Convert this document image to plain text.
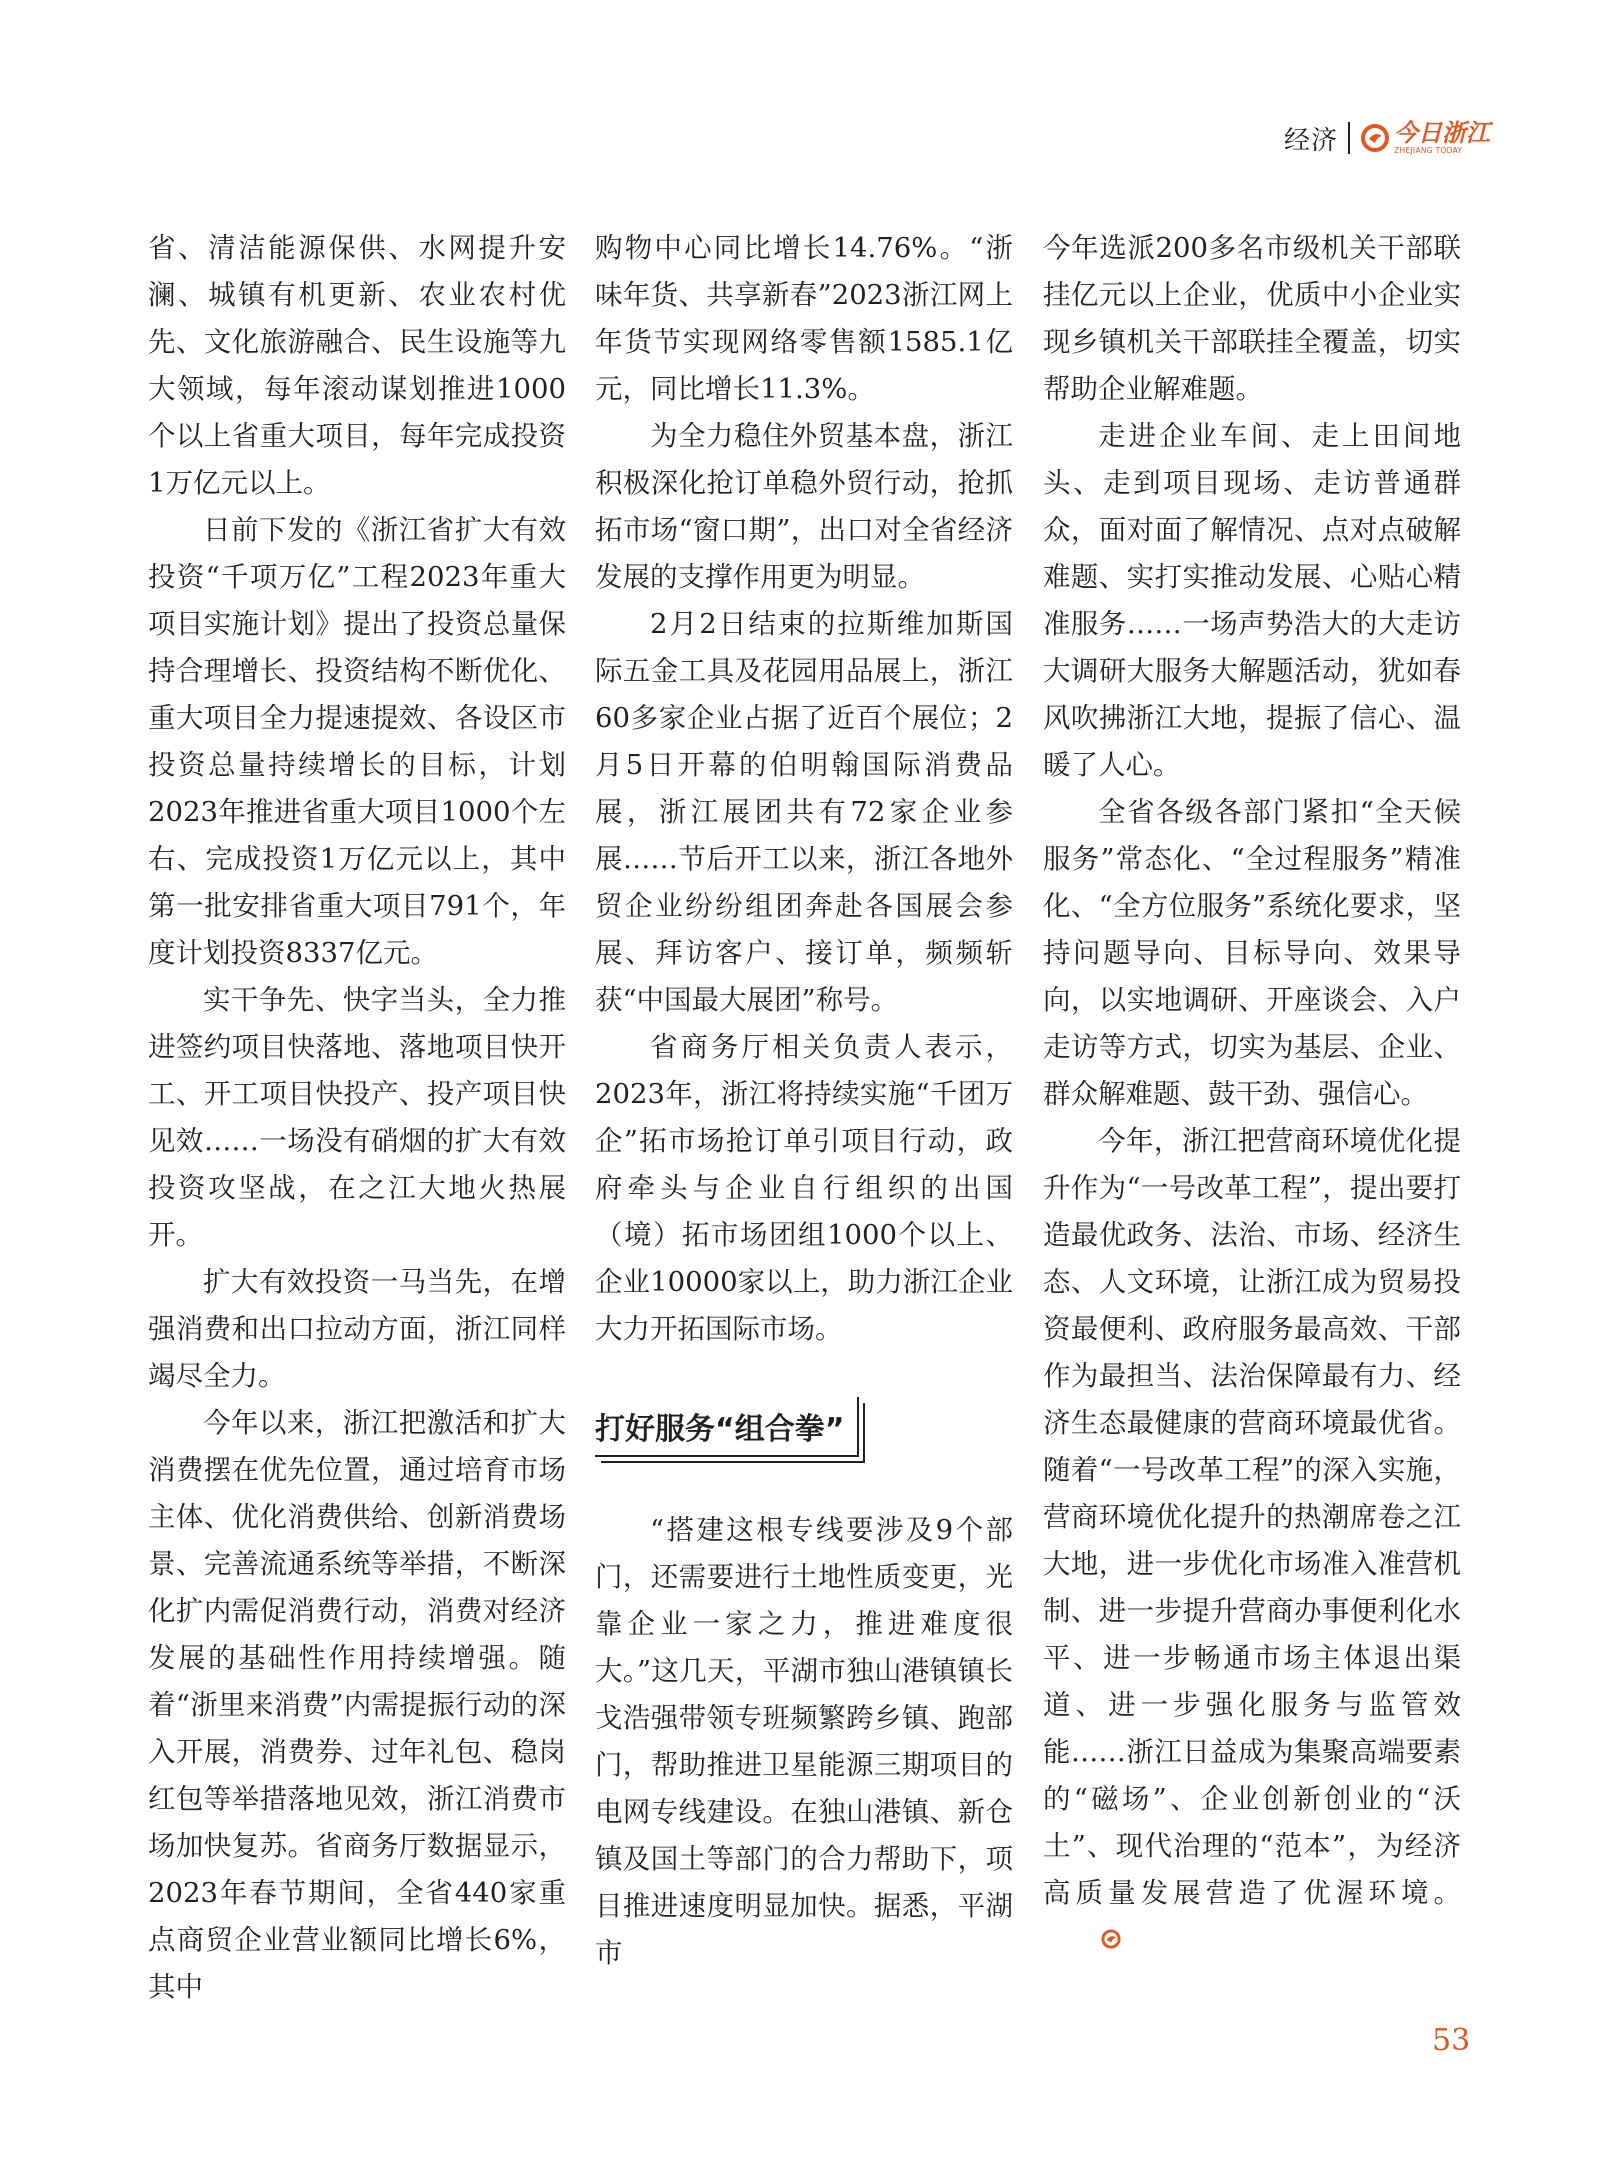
经济 今日浙江
ZHEJIANG TODAY

省、清洁能源保供、水网提升安澜、城镇有机更新、农业农村优先、文化旅游融合、民生设施等九大领域，每年滚动谋划推进1000个以上省重大项目，每年完成投资1万亿元以上。

日前下发的《浙江省扩大有效投资“千项万亿”工程2023年重大项目实施计划》提出了投资总量保持合理增长、投资结构不断优化、重大项目全力提速提效、各设区市投资总量持续增长的目标，计划2023年推进省重大项目1000个左右、完成投资1万亿元以上，其中第一批安排省重大项目791个，年度计划投资8337亿元。

实干争先、快字当头，全力推进签约项目快落地、落地项目快开工、开工项目快投产、投产项目快见效……一场没有硝烟的扩大有效投资攻坚战，在之江大地火热展开。

扩大有效投资一马当先，在增强消费和出口拉动方面，浙江同样竭尽全力。

今年以来，浙江把激活和扩大消费摆在优先位置，通过培育市场主体、优化消费供给、创新消费场景、完善流通系统等举措，不断深化扩内需促消费行动，消费对经济发展的基础性作用持续增强。随着“浙里来消费”内需提振行动的深入开展，消费券、过年礼包、稳岗红包等举措落地见效，浙江消费市场加快复苏。省商务厅数据显示，2023年春节期间，全省440家重点商贸企业营业额同比增长6%，其中

购物中心同比增长14.76%。“浙味年货、共享新春”2023浙江网上年货节实现网络零售额1585.1亿元，同比增长11.3%。

为全力稳住外贸基本盘，浙江积极深化抢订单稳外贸行动，抢抓拓市场“窗口期”，出口对全省经济发展的支撑作用更为明显。

2月2日结束的拉斯维加斯国际五金工具及花园用品展上，浙江60多家企业占据了近百个展位；2月5日开幕的伯明翰国际消费品展，浙江展团共有72家企业参展……节后开工以来，浙江各地外贸企业纷纷组团奔赴各国展会参展、拜访客户、接订单，频频斩获“中国最大展团”称号。

省商务厅相关负责人表示，2023年，浙江将持续实施“千团万企”拓市场抢订单引项目行动，政府牵头与企业自行组织的出国（境）拓市场团组1000个以上、企业10000家以上，助力浙江企业大力开拓国际市场。

打好服务“组合拳”

“搭建这根专线要涉及9个部门，还需要进行土地性质变更，光靠企业一家之力，推进难度很大。”这几天，平湖市独山港镇镇长戈浩强带领专班频繁跨乡镇、跑部门，帮助推进卫星能源三期项目的电网专线建设。在独山港镇、新仓镇及国土等部门的合力帮助下，项目推进速度明显加快。据悉，平湖市

今年选派200多名市级机关干部联挂亿元以上企业，优质中小企业实现乡镇机关干部联挂全覆盖，切实帮助企业解难题。

走进企业车间、走上田间地头、走到项目现场、走访普通群众，面对面了解情况、点对点破解难题、实打实推动发展、心贴心精准服务……一场声势浩大的大走访大调研大服务大解题活动，犹如春风吹拂浙江大地，提振了信心、温暖了人心。

全省各级各部门紧扣“全天候服务”常态化、“全过程服务”精准化、“全方位服务”系统化要求，坚持问题导向、目标导向、效果导向，以实地调研、开座谈会、入户走访等方式，切实为基层、企业、群众解难题、鼓干劲、强信心。

今年，浙江把营商环境优化提升作为“一号改革工程”，提出要打造最优政务、法治、市场、经济生态、人文环境，让浙江成为贸易投资最便利、政府服务最高效、干部作为最担当、法治保障最有力、经济生态最健康的营商环境最优省。随着“一号改革工程”的深入实施，营商环境优化提升的热潮席卷之江大地，进一步优化市场准入准营机制、进一步提升营商办事便利化水平、进一步畅通市场主体退出渠道、进一步强化服务与监管效能……浙江日益成为集聚高端要素的“磁场”、企业创新创业的“沃土”、现代治理的“范本”，为经济高质量发展营造了优渥环境。

53
